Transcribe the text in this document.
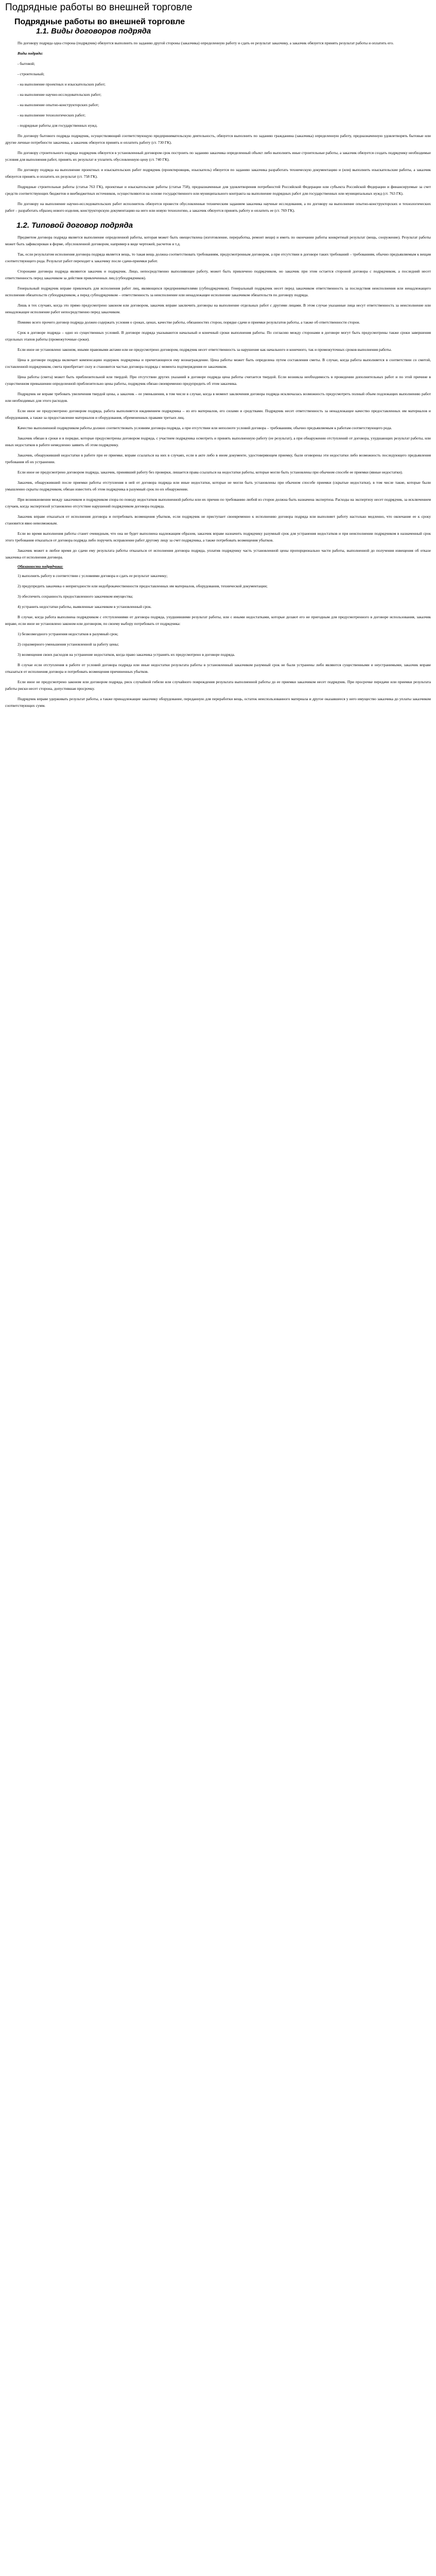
Подрядные работы во внешней торговле
Подрядные работы во внешней торговле
1.1. Виды договоров подряда

По договору подряда одна сторона (подрядчик) обязуется выполнить по заданию другой стороны (заказчика) определенную работу и сдать ее результат заказчику, а заказчик обязуется принять результат работы и оплатить его.

Виды подряда:

- бытовой;
- строительный;
- на выполнение проектных и изыскательских работ;
- на выполнение научно-исследовательских работ;
- на выполнение опытно-конструкторских работ;
- на выполнение технологических работ;
- подрядные работы для государственных нужд.

По договору бытового подряда подрядчик, осуществляющий соответствующую предпринимательскую деятельность, обязуется выполнить по заданию гражданина (заказчика) определенную работу, предназначенную удовлетворять бытовые или другие личные потребности заказчика, а заказчик обязуется принять и оплатить работу (ст. 730 ГК).

По договору строительного подряда подрядчик обязуется в установленный договором срок построить по заданию заказчика определенный объект либо выполнить иные строительные работы, а заказчик обязуется создать подрядчику необходимые условия для выполнения работ, принять их результат и уплатить обусловленную цену (ст. 740 ГК).

По договору подряда на выполнение проектных и изыскательских работ подрядчик (проектировщик, изыскатель) обязуется по заданию заказчика разработать техническую документацию и (или) выполнить изыскательские работы, а заказчик обязуется принять и оплатить их результат (ст. 758 ГК).

Подрядные строительные работы (статья 763 ГК), проектные и изыскательские работы (статья 758), предназначенные для удовлетворения потребностей Российской Федерации или субъекта Российской Федерации и финансируемые за счет средств соответствующих бюджетов и внебюджетных источников, осуществляются на основе государственного или муниципального контракта на выполнение подрядных работ для государственных или муниципальных нужд (ст. 763 ГК).

По договору на выполнение научно-исследовательских работ исполнитель обязуется провести обусловленные техническим заданием заказчика научные исследования, а по договору на выполнение опытно-конструкторских и технологических работ – разработать образец нового изделия, конструкторскую документацию на него или новую технологию, а заказчик обязуется принять работу и оплатить ее (ст. 769 ГК).

1.2. Типовой договор подряда

Предметом договора подряда является выполнение определенной работы, которая может быть овеществлена (изготовление, переработка, ремонт вещи) и иметь по окончании работы конкретный результат (вещь, сооружение). Результат работы может быть зафиксирован в форме, обусловленной договором, например в виде чертежей, расчетов и т.д.

Так, если результатом исполнения договора подряда является вещь, то такая вещь должна соответствовать требованиям, предусмотренным договором, а при отсутствии в договоре таких требований – требованиям, обычно предъявляемым к вещам соответствующего рода. Результат работ переходит к заказчику после сдачи-приемки работ.

Сторонами договора подряда являются заказчик и подрядчик. Лицо, непосредственно выполняющее работу, может быть привлечено подрядчиком, но заказчик при этом остается стороной договора с подрядчиком, а последний несет ответственность перед заказчиком за действия привлеченных лиц (субподрядчиков).

Генеральный подрядчик вправе привлекать для исполнения работ лиц, являющихся предпринимателями (субподрядчиков). Генеральный подрядчик несет перед заказчиком ответственность за последствия неисполнения или ненадлежащего исполнения обязательств субподрядчиком, а перед субподрядчиком – ответственность за неисполнение или ненадлежащее исполнение заказчиком обязательств по договору подряда.

Лишь в тех случаях, когда это прямо предусмотрено законом или договором, заказчик вправе заключить договоры на выполнение отдельных работ с другими лицами. В этом случае указанные лица несут ответственность за неисполнение или ненадлежащее исполнение работ непосредственно перед заказчиком.

Помимо всего прочего договор подряда должен содержать условия о сроках, ценах, качестве работы, обязанностях сторон, порядке сдачи и приемки результатов работы, а также об ответственности сторон.

Срок в договоре подряда – одно из существенных условий. В договоре подряда указываются начальный и конечный сроки выполнения работы. По согласию между сторонами в договоре могут быть предусмотрены также сроки завершения отдельных этапов работы (промежуточные сроки).

Если иное не установлено законом, иными правовыми актами или не предусмотрено договором, подрядчик несет ответственность за нарушение как начального и конечного, так и промежуточных сроков выполнения работы.

Цена в договоре подряда включает компенсацию издержек подрядчика и причитающееся ему вознаграждение. Цена работы может быть определена путем составления сметы. В случае, когда работа выполняется в соответствии со сметой, составленной подрядчиком, смета приобретает силу и становится частью договора подряда с момента подтверждения ее заказчиком.

Цена работы (смета) может быть приблизительной или твердой. При отсутствии других указаний в договоре подряда цена работы считается твердой. Если возникла необходимость в проведении дополнительных работ и по этой причине в существенном превышении определенной приблизительно цены работы, подрядчик обязан своевременно предупредить об этом заказчика.

Подрядчик не вправе требовать увеличения твердой цены, а заказчик – ее уменьшения, в том числе в случае, когда в момент заключения договора подряда исключалась возможность предусмотреть полный объем подлежащих выполнению работ или необходимых для этого расходов.

Если иное не предусмотрено договором подряда, работа выполняется иждивением подрядчика – из его материалов, его силами и средствами. Подрядчик несет ответственность за ненадлежащее качество предоставленных им материалов и оборудования, а также за предоставление материалов и оборудования, обремененных правами третьих лиц.

Качество выполненной подрядчиком работы должно соответствовать условиям договора подряда, а при отсутствии или неполноте условий договора – требованиям, обычно предъявляемым к работам соответствующего рода.

Заказчик обязан в сроки и в порядке, которые предусмотрены договором подряда, с участием подрядчика осмотреть и принять выполненную работу (ее результат), а при обнаружении отступлений от договора, ухудшающих результат работы, или иных недостатков в работе немедленно заявить об этом подрядчику.

Заказчик, обнаруживший недостатки в работе при ее приемке, вправе ссылаться на них в случаях, если в акте либо в ином документе, удостоверяющем приемку, были оговорены эти недостатки либо возможность последующего предъявления требования об их устранении.

Если иное не предусмотрено договором подряда, заказчик, принявший работу без проверки, лишается права ссылаться на недостатки работы, которые могли быть установлены при обычном способе ее приемки (явные недостатки).

Заказчик, обнаруживший после приемки работы отступления в ней от договора подряда или иные недостатки, которые не могли быть установлены при обычном способе приемки (скрытые недостатки), в том числе такие, которые были умышленно скрыты подрядчиком, обязан известить об этом подрядчика в разумный срок по их обнаружении.

При возникновении между заказчиком и подрядчиком спора по поводу недостатков выполненной работы или их причин по требованию любой из сторон должна быть назначена экспертиза. Расходы на экспертизу несет подрядчик, за исключением случаев, когда экспертизой установлено отсутствие нарушений подрядчиком договора подряда.

Заказчик вправе отказаться от исполнения договора и потребовать возмещения убытков, если подрядчик не приступает своевременно к исполнению договора подряда или выполняет работу настолько медленно, что окончание ее к сроку становится явно невозможным.

Если во время выполнения работы станет очевидным, что она не будет выполнена надлежащим образом, заказчик вправе назначить подрядчику разумный срок для устранения недостатков и при неисполнении подрядчиком в назначенный срок этого требования отказаться от договора подряда либо поручить исправление работ другому лицу за счет подрядчика, а также потребовать возмещения убытков.

Заказчик может в любое время до сдачи ему результата работы отказаться от исполнения договора подряда, уплатив подрядчику часть установленной цены пропорционально части работы, выполненной до получения извещения об отказе заказчика от исполнения договора.

Обязанности подрядчика:

1) выполнить работу в соответствии с условиями договора и сдать ее результат заказчику;
2) предупредить заказчика о непригодности или недоброкачественности предоставленных им материалов, оборудования, технической документации;
3) обеспечить сохранность предоставленного заказчиком имущества;
4) устранить недостатки работы, выявленные заказчиком в установленный срок.

В случае, когда работа выполнена подрядчиком с отступлениями от договора подряда, ухудшившими результат работы, или с иными недостатками, которые делают его не пригодным для предусмотренного в договоре использования, заказчик вправе, если иное не установлено законом или договором, по своему выбору потребовать от подрядчика:

1) безвозмездного устранения недостатков в разумный срок;

2) соразмерного уменьшения установленной за работу цены;

3) возмещения своих расходов на устранение недостатков, когда право заказчика устранять их предусмотрено в договоре подряда.

В случае если отступления в работе от условий договора подряда или иные недостатки результата работы в установленный заказчиком разумный срок не были устранены либо являются существенными и неустранимыми, заказчик вправе отказаться от исполнения договора и потребовать возмещения причиненных убытков.

Если иное не предусмотрено законом или договором подряда, риск случайной гибели или случайного повреждения результата выполненной работы до ее приемки заказчиком несет подрядчик. При просрочке передачи или приемки результата работы риски несет сторона, допустившая просрочку.

Подрядчик вправе удерживать результат работы, а также принадлежащие заказчику оборудование, переданную для переработки вещь, остаток неиспользованного материала и другое оказавшееся у него имущество заказчика до уплаты заказчиком соответствующих сумм.
